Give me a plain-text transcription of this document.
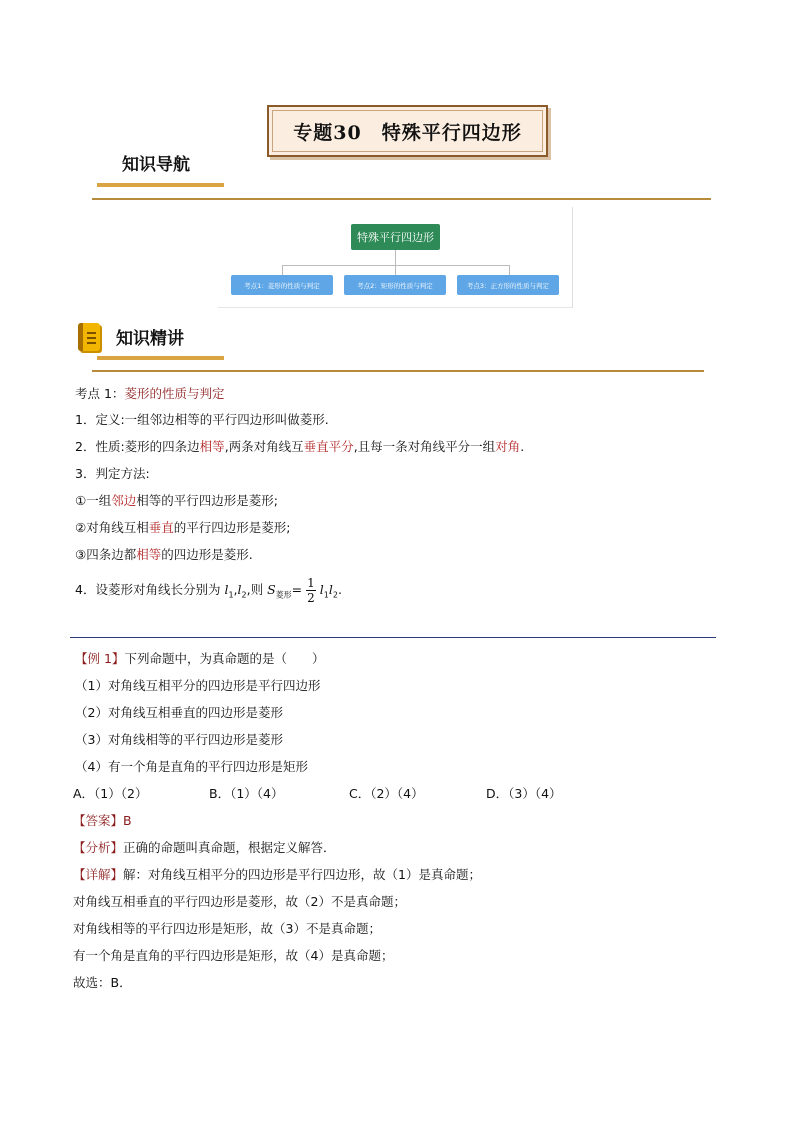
专题30　特殊平行四边形
知识导航
特殊平行四边形
考点1：菱形的性质与判定	考点2：矩形的性质与判定	考点3：正方形的性质与判定
知识精讲
考点 1：菱形的性质与判定
1．定义:一组邻边相等的平行四边形叫做菱形.
2．性质:菱形的四条边相等,两条对角线互垂直平分,且每一条对角线平分一组对角.
3．判定方法:
①一组邻边相等的平行四边形是菱形;
②对角线互相垂直的平行四边形是菱形;
③四条边都相等的四边形是菱形.
4．设菱形对角线长分别为 $l_1,l_2$,则 $S_{菱形}= \frac{1}{2} l_1l_2$.
【例 1】下列命题中，为真命题的是（　　）
（1）对角线互相平分的四边形是平行四边形
（2）对角线互相垂直的四边形是菱形
（3）对角线相等的平行四边形是菱形
（4）有一个角是直角的平行四边形是矩形
A．（1）（2）	B．（1）（4）	C．（2）（4）	D．（3）（4）
【答案】B
【分析】正确的命题叫真命题，根据定义解答．
【详解】解：对角线互相平分的四边形是平行四边形，故（1）是真命题；
对角线互相垂直的平行四边形是菱形，故（2）不是真命题；
对角线相等的平行四边形是矩形，故（3）不是真命题；
有一个角是直角的平行四边形是矩形，故（4）是真命题；
故选：B．
